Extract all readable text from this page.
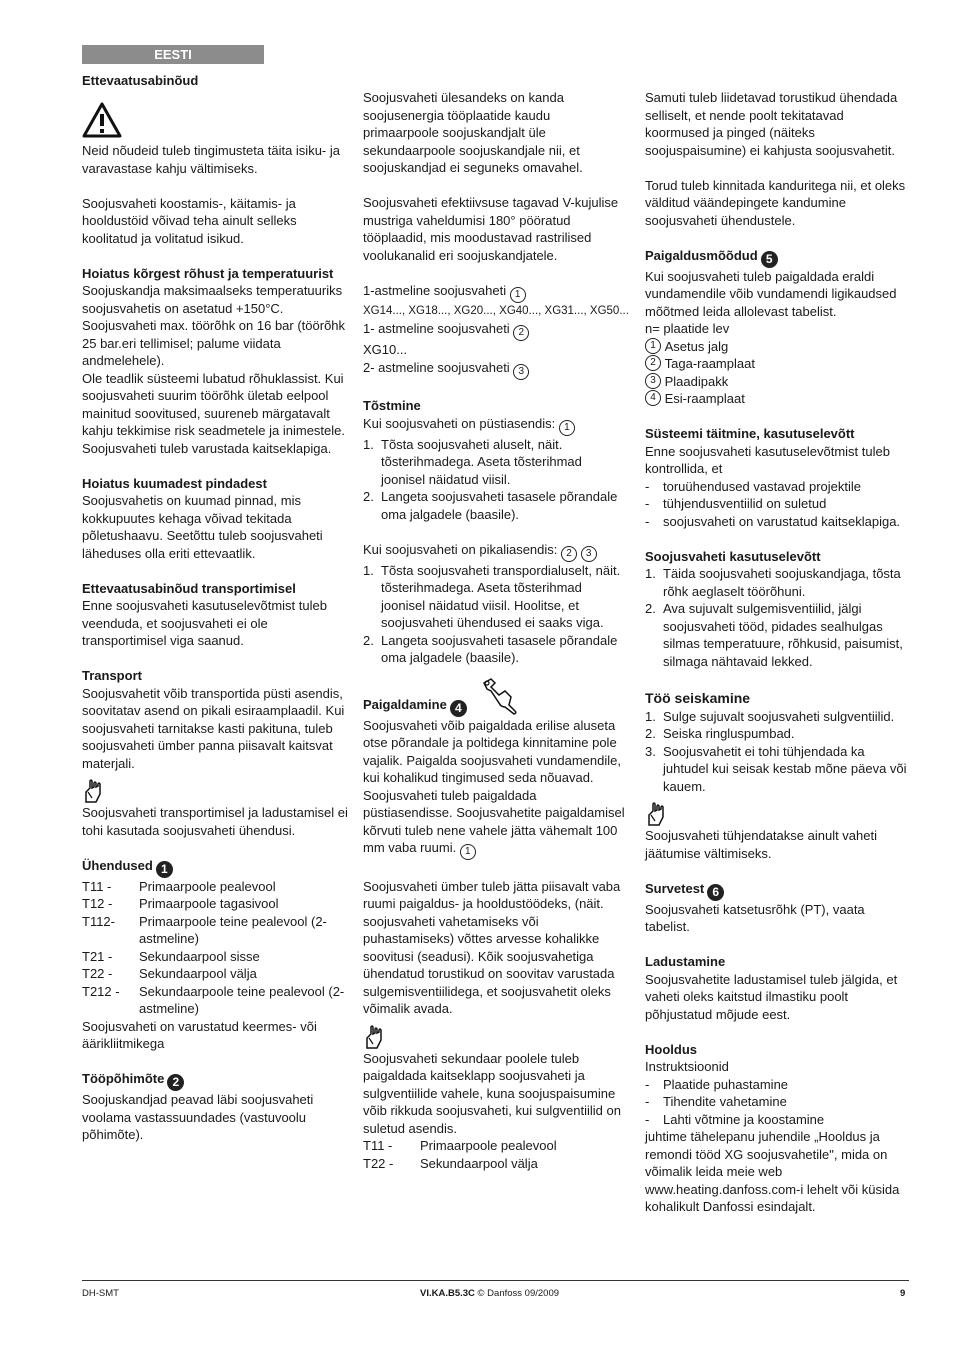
EESTI

Ettevaatusabinõud

Neid nõudeid tuleb tingimusteta täita isiku- ja varavastase kahju vältimiseks.

Soojusvaheti koostamis-, käitamis- ja hooldustöid võivad teha ainult selleks koolitatud ja volitatud isikud.

Hoiatus kõrgest rõhust ja temperatuurist

Soojuskandja maksimaalseks temperatuuriks soojusvahetis on asetatud +150°C.

Soojusvaheti max. töörõhk on 16 bar (töörõhk 25 bar.eri tellimisel; palume viidata andmelehele).

Ole teadlik süsteemi lubatud rõhuklassist. Kui soojusvaheti suurim töörõhk ületab eelpool mainitud soovitused, suureneb märgatavalt kahju tekkimise risk seadmetele ja inimestele.

Soojusvaheti tuleb varustada kaitseklapiga.

Hoiatus kuumadest pindadest

Soojusvahetis on kuumad pinnad, mis kokkupuutes kehaga võivad tekitada põletushaavu. Seetõttu tuleb soojusvaheti läheduses olla eriti ettevaatlik.

Ettevaatusabinõud transportimisel

Enne soojusvaheti kasutuselevõtmist tuleb veenduda, et soojusvaheti ei ole transportimisel viga saanud.

Transport

Soojusvahetit võib transportida püsti asendis, soovitatav asend on pikali esiraamplaadil. Kui soojusvaheti tarnitakse kasti pakituna, tuleb soojusvaheti ümber panna piisavalt kaitsvat materjali.

Soojusvaheti transportimisel ja ladustamisel ei tohi kasutada soojusvaheti ühendusi.

Ühendused 1

T11 -	Primaarpoole pealevool
T12 -	Primaarpoole tagasivool
T112-	Primaarpoole teine pealevool (2-astmeline)
T21 -	Sekundaarpool sisse
T22 -	Sekundaarpool välja
T212 -	Sekundaarpoole teine pealevool (2-astmeline)

Soojusvaheti on varustatud keermes- või äärikliitmikega

Tööpõhimõte 2

Soojuskandjad peavad läbi soojusvaheti voolama vastassuundades (vastuvoolu põhimõte).

Soojusvaheti ülesandeks on kanda soojusenergia tööplaatide kaudu primaarpoole soojuskandjalt üle sekundaarpoole soojuskandjale nii, et soojuskandjad ei seguneks omavahel.

Soojusvaheti efektiivsuse tagavad V-kujulise mustriga vaheldumisi 180° pööratud tööplaadid, mis moodustavad rastrilised voolukanalid eri soojuskandjatele.

1-astmeline soojusvaheti 1

XG14..., XG18..., XG20..., XG40..., XG31..., XG50...

1- astmeline soojusvaheti 2

XG10...

2- astmeline soojusvaheti 3

Tõstmine

Kui soojusvaheti on püstiasendis: 1

1. Tõsta soojusvaheti aluselt, näit. tõsterihmadega. Aseta tõsterihmad joonisel näidatud viisil.
2. Langeta soojusvaheti tasasele põrandale oma jalgadele (baasile).

Kui soojusvaheti on pikaliasendis: 2 3

1. Tõsta soojusvaheti transpordialuselt, näit. tõsterihmadega. Aseta tõsterihmad joonisel näidatud viisil. Hoolitse, et soojusvaheti ühendused ei saaks viga.
2. Langeta soojusvaheti tasasele põrandale oma jalgadele (baasile).

Paigaldamine 4

Soojusvaheti võib paigaldada erilise aluseta otse põrandale ja poltidega kinnitamine pole vajalik. Paigalda soojusvaheti vundamendile, kui kohalikud tingimused seda nõuavad. Soojusvaheti tuleb paigaldada püstiasendisse. Soojusvahetite paigaldamisel kõrvuti tuleb nene vahele jätta vähemalt 100 mm vaba ruumi. 1

Soojusvaheti ümber tuleb jätta piisavalt vaba ruumi paigaldus- ja hooldustöödeks, (näit. soojusvaheti vahetamiseks või puhastamiseks) võttes arvesse kohalikke soovitusi (seadusi). Kõik soojusvahetiga ühendatud torustikud on soovitav varustada sulgemisventiilidega, et soojusvahetit oleks võimalik avada.

Soojusvaheti sekundaar poolele tuleb paigaldada kaitseklapp soojusvaheti ja sulgventiilide vahele, kuna soojuspaisumine võib rikkuda soojusvaheti, kui sulgventiilid on suletud asendis.

T11 -	Primaarpoole pealevool
T22 -	Sekundaarpool välja

Samuti tuleb liidetavad torustikud ühendada selliselt, et nende poolt tekitatavad koormused ja pinged (näiteks soojuspaisumine) ei kahjusta soojusvahetit.

Torud tuleb kinnitada kanduritega nii, et oleks välditud väändepingete kandumine soojusvaheti ühendustele.

Paigaldusmõõdud 5

Kui soojusvaheti tuleb paigaldada eraldi vundamendile võib vundamendi ligikaudsed mõõtmed leida allolevast tabelist.

n= plaatide lev

1
Asetus jalg
2
Taga-raamplaat
3
Plaadipakk
4
Esi-raamplaat

Süsteemi täitmine, kasutuselevõtt

Enne soojusvaheti kasutuselevõtmist tuleb kontrollida, et

-	toruühendused vastavad projektile
-	tühjendusventiilid on suletud
-	soojusvaheti on varustatud kaitseklapiga.

Soojusvaheti kasutuselevõtt

1. Täida soojusvaheti soojuskandjaga, tõsta rõhk aeglaselt töörõhuni.
2. Ava sujuvalt sulgemisventiilid, jälgi soojusvaheti tööd, pidades sealhulgas silmas temperatuure, rõhkusid, paisumist, silmaga nähtavaid lekked.

Töö seiskamine

1. Sulge sujuvalt soojusvaheti sulgventiilid.
2. Seiska ringluspumbad.
3. Soojusvahetit ei tohi tühjendada ka juhtudel kui seisak kestab mõne päeva või kauem.

Soojusvaheti tühjendatakse ainult vaheti jäätumise vältimiseks.

Survetest 6

Soojusvaheti katsetusrõhk (PT), vaata tabelist.

Ladustamine

Soojusvahetite ladustamisel tuleb jälgida, et vaheti oleks kaitstud ilmastiku poolt põhjustatud mõjude eest.

Hooldus

Instruktsioonid

-	Plaatide puhastamine
-	Tihendite vahetamine
-	Lahti võtmine ja koostamine

juhtime tähelepanu juhendile „Hooldus ja remondi tööd XG soojusvahetile", mida on võimalik leida meie web www.heating.danfoss.com-i lehelt või küsida kohalikult Danfossi esindajalt.

DH-SMT	VI.KA.B5.3C © Danfoss 09/2009	9
